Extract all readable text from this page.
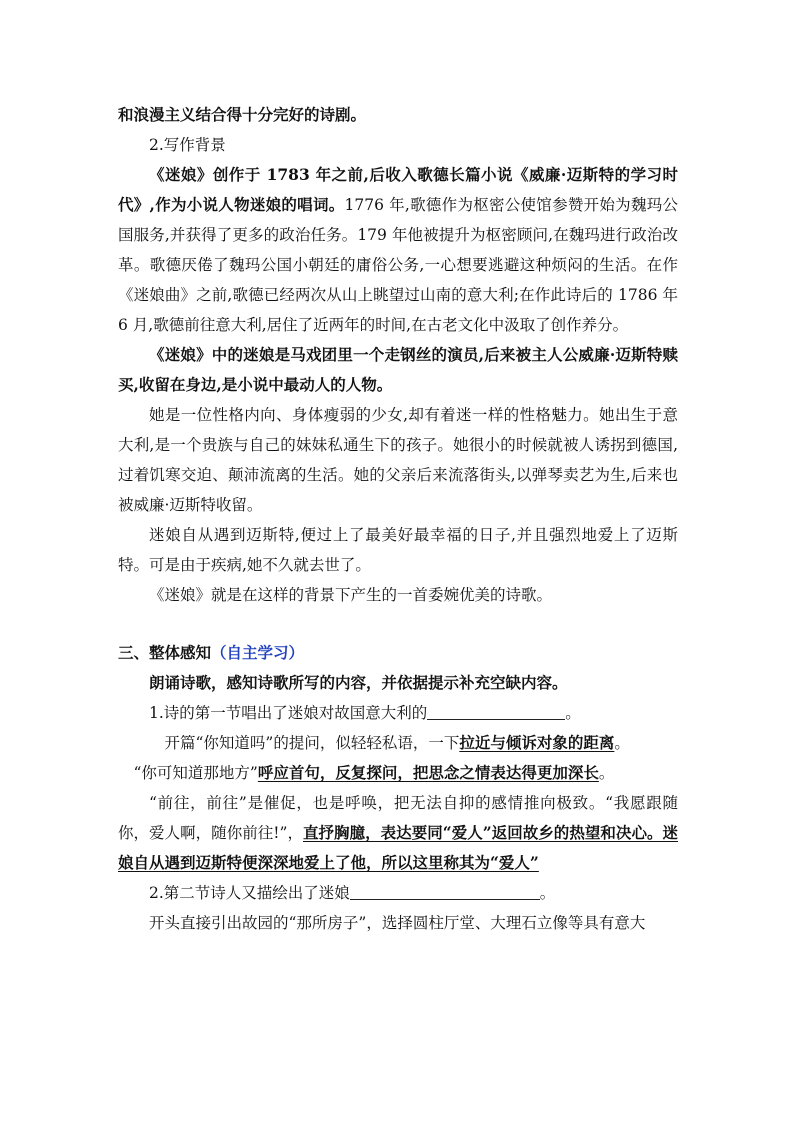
和浪漫主义结合得十分完好的诗剧。

2.写作背景

《迷娘》创作于 1783 年之前,后收入歌德长篇小说《威廉·迈斯特的学习时代》,作为小说人物迷娘的唱词。1776 年,歌德作为枢密公使馆参赞开始为魏玛公国服务,并获得了更多的政治任务。179 年他被提升为枢密顾问,在魏玛进行政治改革。歌德厌倦了魏玛公国小朝廷的庸俗公务,一心想要逃避这种烦闷的生活。在作《迷娘曲》之前,歌德已经两次从山上眺望过山南的意大利;在作此诗后的 1786 年 6 月,歌德前往意大利,居住了近两年的时间,在古老文化中汲取了创作养分。

《迷娘》中的迷娘是马戏团里一个走钢丝的演员,后来被主人公威廉·迈斯特赎买,收留在身边,是小说中最动人的人物。

她是一位性格内向、身体瘦弱的少女,却有着迷一样的性格魅力。她出生于意大利,是一个贵族与自己的妹妹私通生下的孩子。她很小的时候就被人诱拐到德国,过着饥寒交迫、颠沛流离的生活。她的父亲后来流落街头,以弹琴卖艺为生,后来也被威廉·迈斯特收留。

迷娘自从遇到迈斯特,便过上了最美好最幸福的日子,并且强烈地爱上了迈斯特。可是由于疾病,她不久就去世了。

《迷娘》就是在这样的背景下产生的一首委婉优美的诗歌。

三、整体感知（自主学习）

朗诵诗歌，感知诗歌所写的内容，并依据提示补充空缺内容。

1.诗的第一节唱出了迷娘对故国意大利的	。

开篇“你知道吗”的提问，似轻轻私语，一下拉近与倾诉对象的距离。

“你可知道那地方”呼应首句，反复探问，把思念之情表达得更加深长。

“前往，前往”是催促，也是呼唤，把无法自抑的感情推向极致。“我愿跟随你，爱人啊，随你前往!”，直抒胸臆，表达要同“爱人”返回故乡的热望和决心。迷娘自从遇到迈斯特便深深地爱上了他，所以这里称其为“爱人”

2.第二节诗人又描绘出了迷娘	。

开头直接引出故园的“那所房子”，选择圆柱厅堂、大理石立像等具有意大
